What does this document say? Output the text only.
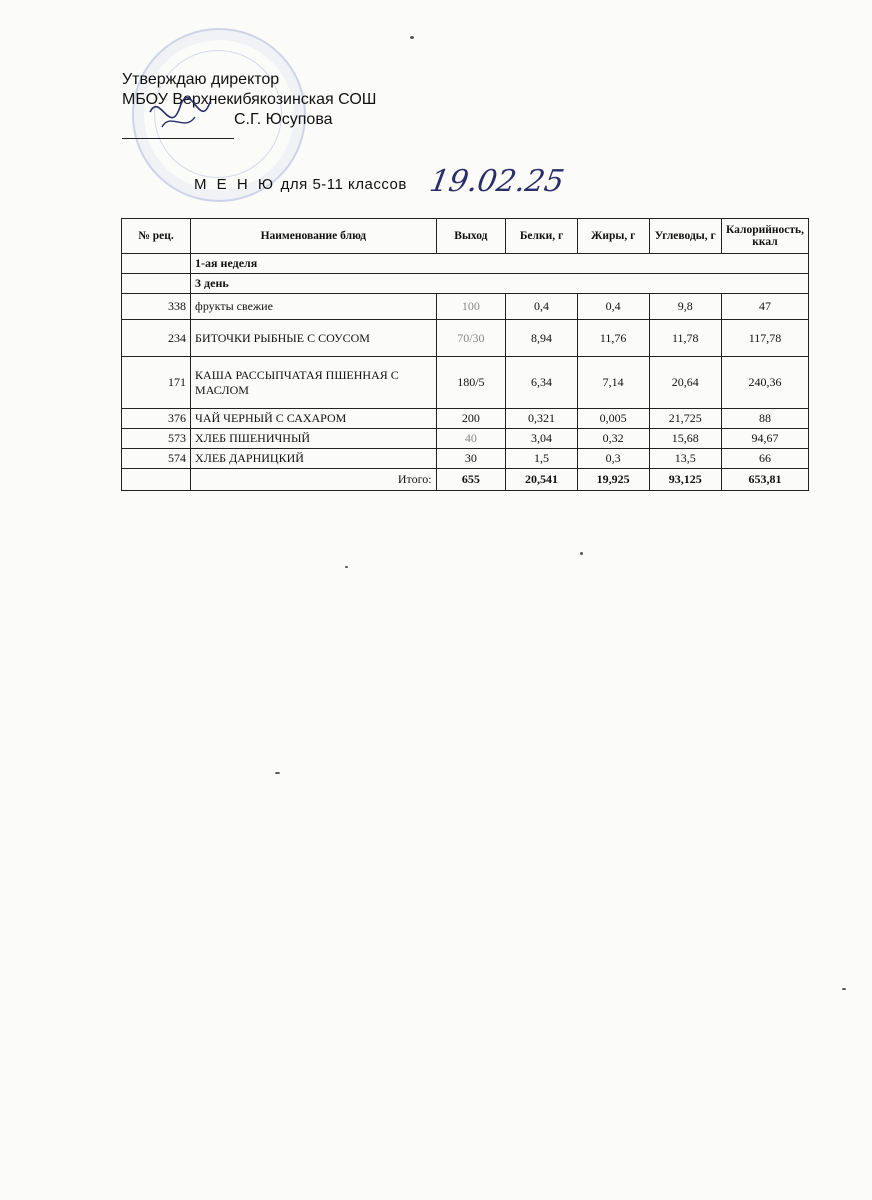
Утверждаю директор
МБОУ Верхнекибякозинская СОШ
С.Г. Юсупова
М Е Н Ю для 5-11 классов 19.02.25
№ рец.	Наименование блюд	Выход	Белки, г	Жиры, г	Углеводы, г	Калорийность, ккал
	1-ая неделя					
	3 день					
338	фрукты свежие	100	0,4	0,4	9,8	47
234	БИТОЧКИ РЫБНЫЕ С СОУСОМ	70/30	8,94	11,76	11,78	117,78
171	КАША РАССЫПЧАТАЯ ПШЕННАЯ С МАСЛОМ	180/5	6,34	7,14	20,64	240,36
376	ЧАЙ ЧЕРНЫЙ С САХАРОМ	200	0,321	0,005	21,725	88
573	ХЛЕБ ПШЕНИЧНЫЙ	40	3,04	0,32	15,68	94,67
574	ХЛЕБ ДАРНИЦКИЙ	30	1,5	0,3	13,5	66
	Итого:	655	20,541	19,925	93,125	653,81
